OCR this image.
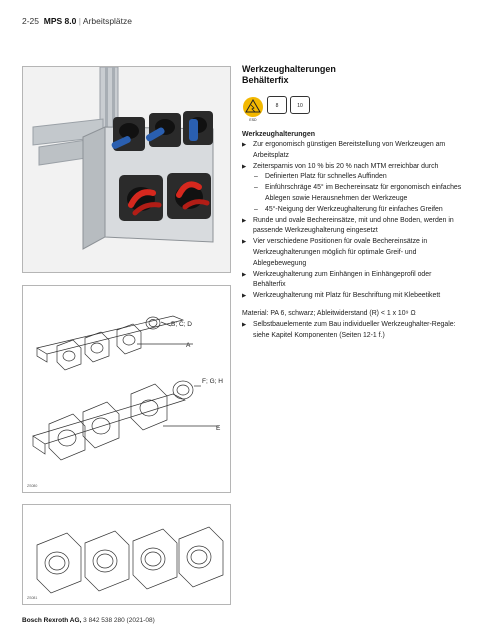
2-25 MPS 8.0 | Arbeitsplätze
B; C; D
A
F; G; H
E
ZS080
ZS081
Werkzeughalterungen
Behälterfix
ESD
8	10
Werkzeughalterungen
▶ Zur ergonomisch günstigen Bereitstellung von Werkzeugen am Arbeitsplatz
▶ Zeitersparnis von 10 % bis 20 % nach MTM erreichbar durch
– Definierten Platz für schnelles Auffinden
– Einführschräge 45° im Bechereinsatz für ergonomisch einfaches Ablegen sowie Herausnehmen der Werkzeuge
– 45°-Neigung der Werkzeughalterung für einfaches Greifen
▶ Runde und ovale Bechereinsätze, mit und ohne Boden, werden in passende Werkzeughalterung eingesetzt
▶ Vier verschiedene Positionen für ovale Bechereinsätze in Werkzeughalterungen möglich für optimale Greif- und Ablegebewegung
▶ Werkzeughalterung zum Einhängen in Einhängeprofil oder Behälterfix
▶ Werkzeughalterung mit Platz für Beschriftung mit Klebeetikett
Material: PA 6, schwarz; Ableitwiderstand (R) < 1 x 10⁹ Ω
▶ Selbstbauelemente zum Bau individueller Werkzeughalter-Regale: siehe Kapitel Komponenten (Seiten 12-1 f.)
Bosch Rexroth AG, 3 842 538 280 (2021-08)
